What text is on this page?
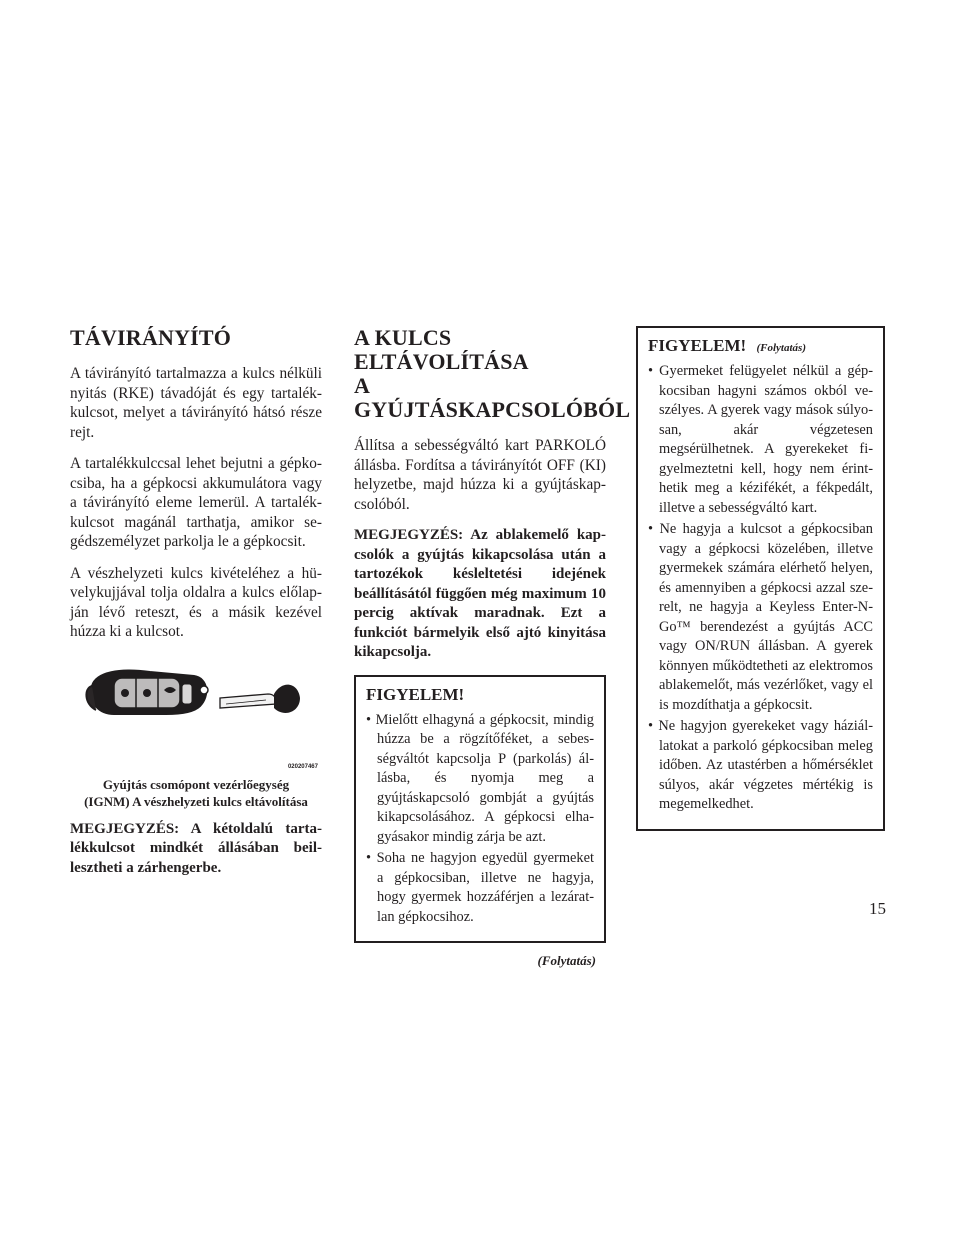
TÁVIRÁNYÍTÓ

A távirányító tartalmazza a kulcs nélküli nyitás (RKE) távadóját és egy tartalékkulcsot, melyet a távirányító hátsó része rejt.

A tartalékkulccsal lehet bejutni a gépkocsiba, ha a gépkocsi akkumulátora vagy a távirányító eleme lemerül. A tartalékkulcsot magánál tarthatja, amikor segédszemélyzet parkolja le a gépkocsit.

A vészhelyzeti kulcs kivételéhez a hüvelykujjával tolja oldalra a kulcs előlapján lévő reteszt, és a másik kezével húzza ki a kulcsot.

020207467
Gyújtás csomópont vezérlőegység
(IGNM) A vészhelyzeti kulcs eltávolítása

MEGJEGYZÉS: A kétoldalú tartalékkulcsot mindkét állásában beillesztheti a zárhengerbe.

A KULCS ELTÁVOLÍTÁSA
A
GYÚJTÁSKAPCSOLÓBÓL

Állítsa a sebességváltó kart PARKOLÓ állásba. Fordítsa a távirányítót OFF (KI) helyzetbe, majd húzza ki a gyújtáskapcsolóból.

MEGJEGYZÉS: Az ablakemelő kapcsolók a gyújtás kikapcsolása után a tartozékok késleltetési idejének beállításától függően még maximum 10 percig aktívak maradnak. Ezt a funkciót bármelyik első ajtó kinyitása kikapcsolja.

FIGYELEM!
• Mielőtt elhagyná a gépkocsit, mindig húzza be a rögzítőféket, a sebességváltót kapcsolja P (parkolás) állásba, és nyomja meg a gyújtáskapcsoló gombját a gyújtás kikapcsolásához. A gépkocsi elhagyásakor mindig zárja be azt.
• Soha ne hagyjon egyedül gyermeket a gépkocsiban, illetve ne hagyja, hogy gyermek hozzáférjen a lezáratlan gépkocsihoz.
(Folytatás)
FIGYELEM! (Folytatás)
• Gyermeket felügyelet nélkül a gépkocsiban hagyni számos okból veszélyes. A gyerek vagy mások súlyosan, akár végzetesen megsérülhetnek. A gyerekeket figyelmeztetni kell, hogy nem érinthetik meg a kézifékét, a fékpedált, illetve a sebességváltó kart.
• Ne hagyja a kulcsot a gépkocsiban vagy a gépkocsi közelében, illetve gyermekek számára elérhető helyen, és amennyiben a gépkocsi azzal szerelt, ne hagyja a Keyless Enter-N-Go™ berendezést a gyújtás ACC vagy ON/RUN állásban. A gyerek könnyen működtetheti az elektromos ablakemelőt, más vezérlőket, vagy el is mozdíthatja a gépkocsit.
• Ne hagyjon gyerekeket vagy háziállatokat a parkoló gépkocsiban meleg időben. Az utastérben a hőmérséklet súlyos, akár végzetes mértékig is megemelkedhet.
15
